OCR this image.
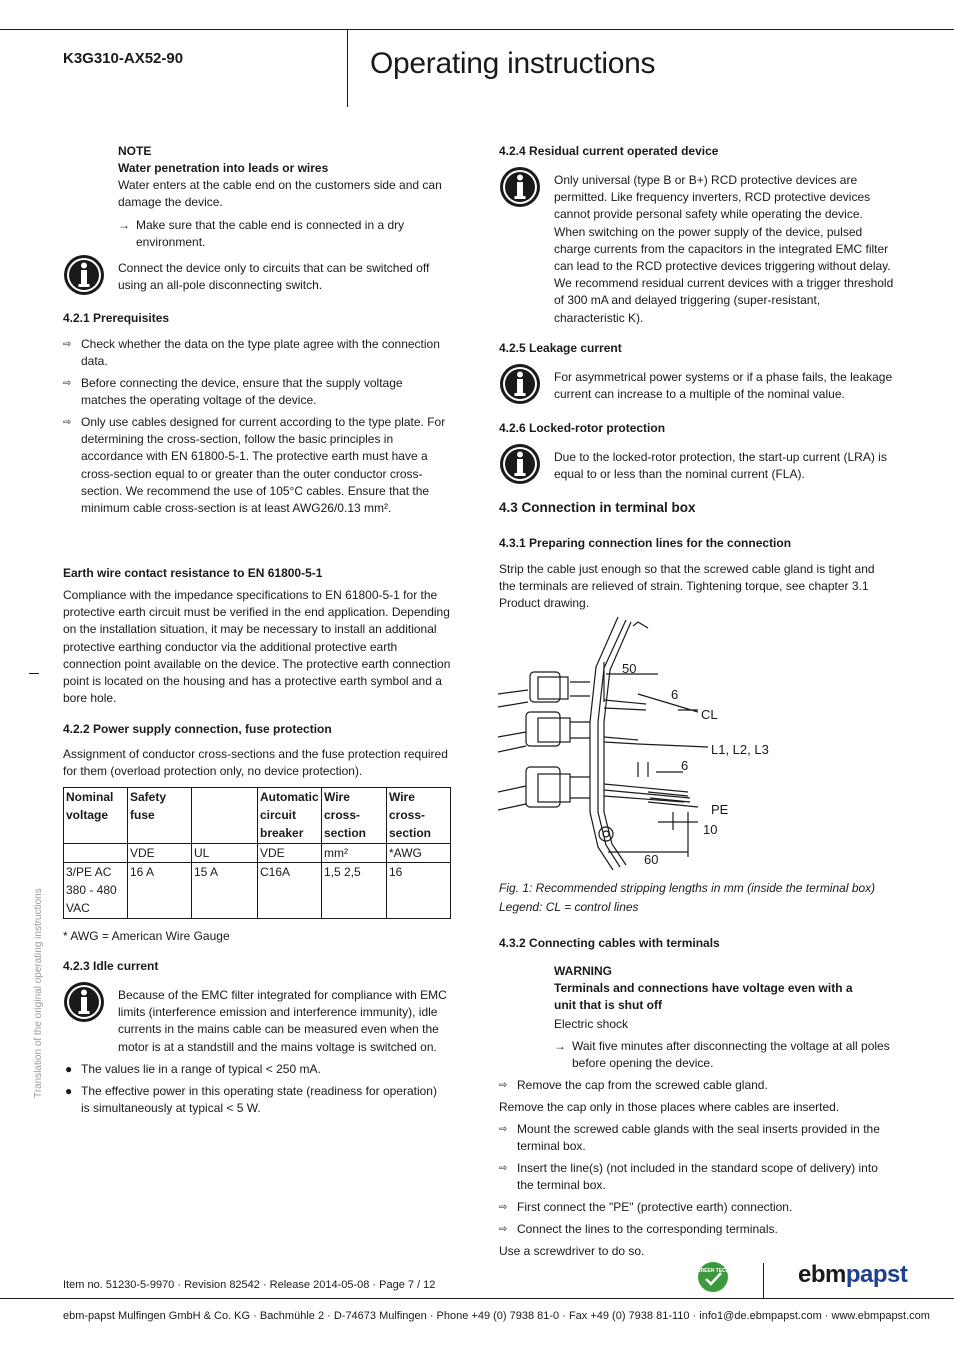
K3G310-AX52-90	Operating instructions
NOTE
Water penetration into leads or wires
Water enters at the cable end on the customers side and can damage the device.
→ Make sure that the cable end is connected in a dry environment.
Connect the device only to circuits that can be switched off using an all-pole disconnecting switch.
4.2.1 Prerequisites
⇨ Check whether the data on the type plate agree with the connection data.
⇨ Before connecting the device, ensure that the supply voltage matches the operating voltage of the device.
⇨ Only use cables designed for current according to the type plate. For determining the cross-section, follow the basic principles in accordance with EN 61800-5-1. The protective earth must have a cross-section equal to or greater than the outer conductor cross-section. We recommend the use of 105°C cables. Ensure that the minimum cable cross-section is at least AWG26/0.13 mm².
Earth wire contact resistance to EN 61800-5-1
Compliance with the impedance specifications to EN 61800-5-1 for the protective earth circuit must be verified in the end application. Depending on the installation situation, it may be necessary to install an additional protective earthing conductor via the additional protective earth connection point available on the device. The protective earth connection point is located on the housing and has a protective earth symbol and a bore hole.
4.2.2 Power supply connection, fuse protection
Assignment of conductor cross-sections and the fuse protection required for them (overload protection only, no device protection).
Nominal voltage	Safety fuse		Automatic circuit breaker	Wire cross-section	Wire cross-section
	VDE	UL	VDE	mm²	*AWG
3/PE AC 380 - 480 VAC	16 A	15 A	C16A	1,5 2,5	16
* AWG = American Wire Gauge
4.2.3 Idle current
Because of the EMC filter integrated for compliance with EMC limits (interference emission and interference immunity), idle currents in the mains cable can be measured even when the motor is at a standstill and the mains voltage is switched on.
● The values lie in a range of typical < 250 mA.
● The effective power in this operating state (readiness for operation) is simultaneously at typical < 5 W.
Translation of the original operating instructions
4.2.4 Residual current operated device
Only universal (type B or B+) RCD protective devices are permitted. Like frequency inverters, RCD protective devices cannot provide personal safety while operating the device. When switching on the power supply of the device, pulsed charge currents from the capacitors in the integrated EMC filter can lead to the RCD protective devices triggering without delay. We recommend residual current devices with a trigger threshold of 300 mA and delayed triggering (super-resistant, characteristic K).
4.2.5 Leakage current
For asymmetrical power systems or if a phase fails, the leakage current can increase to a multiple of the nominal value.
4.2.6 Locked-rotor protection
Due to the locked-rotor protection, the start-up current (LRA) is equal to or less than the nominal current (FLA).
4.3 Connection in terminal box
4.3.1 Preparing connection lines for the connection
Strip the cable just enough so that the screwed cable gland is tight and the terminals are relieved of strain. Tightening torque, see chapter 3.1 Product drawing.
50
6
CL
L1, L2, L3
6
PE
10
60
Fig. 1: Recommended stripping lengths in mm (inside the terminal box)
Legend: CL = control lines
4.3.2 Connecting cables with terminals
WARNING
Terminals and connections have voltage even with a unit that is shut off
Electric shock
→ Wait five minutes after disconnecting the voltage at all poles before opening the device.
⇨ Remove the cap from the screwed cable gland.
Remove the cap only in those places where cables are inserted.
⇨ Mount the screwed cable glands with the seal inserts provided in the terminal box.
⇨ Insert the line(s) (not included in the standard scope of delivery) into the terminal box.
⇨ First connect the "PE" (protective earth) connection.
⇨ Connect the lines to the corresponding terminals.
Use a screwdriver to do so.
Item no. 51230-5-9970 · Revision 82542 · Release 2014-05-08 · Page 7 / 12
GREEN TECH	ebmpapst
ebm-papst Mulfingen GmbH & Co. KG · Bachmühle 2 · D-74673 Mulfingen · Phone +49 (0) 7938 81-0 · Fax +49 (0) 7938 81-110 · info1@de.ebmpapst.com · www.ebmpapst.com
